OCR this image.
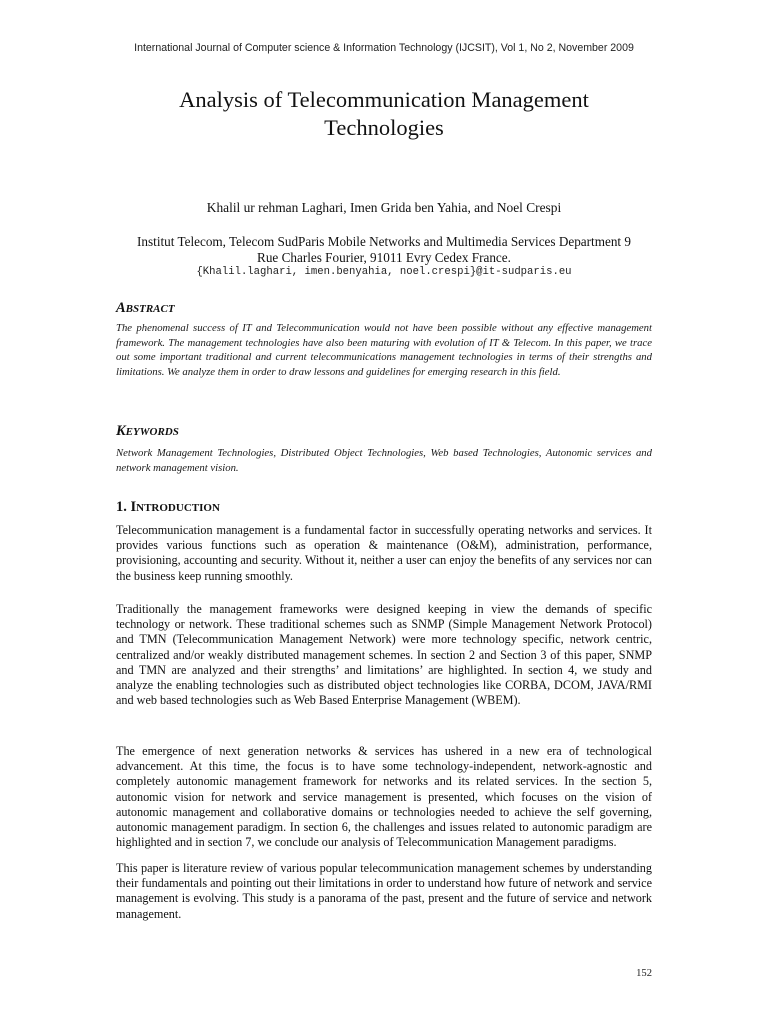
International Journal of Computer science & Information Technology (IJCSIT), Vol 1, No 2, November 2009
Analysis of Telecommunication Management
Technologies
Khalil ur rehman Laghari, Imen Grida ben Yahia, and Noel Crespi
Institut Telecom, Telecom SudParis Mobile Networks and Multimedia Services Department 9
Rue Charles Fourier, 91011 Evry Cedex France.
{Khalil.laghari, imen.benyahia, noel.crespi}@it-sudparis.eu
ABSTRACT

The phenomenal success of IT and Telecommunication would not have been possible without any effective management framework. The management technologies have also been maturing with evolution of IT & Telecom. In this paper, we trace out some important traditional and current telecommunications management technologies in terms of their strengths and limitations. We analyze them in order to draw lessons and guidelines for emerging research in this field.

KEYWORDS

Network Management Technologies, Distributed Object Technologies, Web based Technologies, Autonomic services and network management vision.

1. INTRODUCTION

Telecommunication management is a fundamental factor in successfully operating networks and services. It provides various functions such as operation & maintenance (O&M), administration, performance, provisioning, accounting and security. Without it, neither a user can enjoy the benefits of any services nor can the business keep running smoothly.

Traditionally the management frameworks were designed keeping in view the demands of specific technology or network. These traditional schemes such as SNMP (Simple Management Network Protocol) and TMN (Telecommunication Management Network) were more technology specific, network centric, centralized and/or weakly distributed management schemes. In section 2 and Section 3 of this paper, SNMP and TMN are analyzed and their strengths’ and limitations’ are highlighted. In section 4, we study and analyze the enabling technologies such as distributed object technologies like CORBA, DCOM, JAVA/RMI and web based technologies such as Web Based Enterprise Management (WBEM).

The emergence of next generation networks & services has ushered in a new era of technological advancement. At this time, the focus is to have some technology-independent, network-agnostic and completely autonomic management framework for networks and its related services. In the section 5, autonomic vision for network and service management is presented, which focuses on the vision of autonomic management and collaborative domains or technologies needed to achieve the self governing, autonomic management paradigm. In section 6, the challenges and issues related to autonomic paradigm are highlighted and in section 7, we conclude our analysis of Telecommunication Management paradigms.

This paper is literature review of various popular telecommunication management schemes by understanding their fundamentals and pointing out their limitations in order to understand how future of network and service management is evolving. This study is a panorama of the past, present and the future of service and network management.

152
